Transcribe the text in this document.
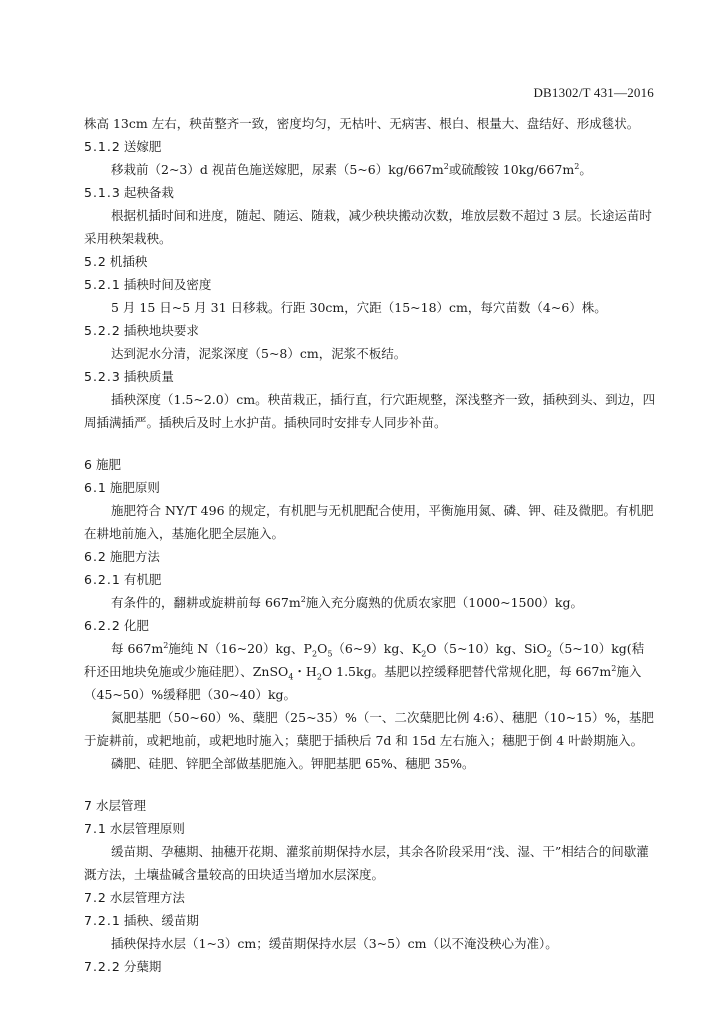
DB1302/T 431—2016

株高 13cm 左右，秧苗整齐一致，密度均匀，无枯叶、无病害、根白、根量大、盘结好、形成毯状。

5.1.2 送嫁肥

移栽前（2~3）d 视苗色施送嫁肥，尿素$(5\sim 6)kg/667m^2$或硫酸铵 $10kg/667m^2$。

5.1.3 起秧备栽

根据机插时间和进度，随起、随运、随栽，减少秧块搬动次数，堆放层数不超过 3 层。长途运苗时采用秧架栽秧。

5.2 机插秧
5.2.1 插秧时间及密度

5 月 15 日~5 月 31 日移栽。行距 30cm，穴距（15~18）cm，每穴苗数（4~6）株。

5.2.2 插秧地块要求

达到泥水分清，泥浆深度（5~8）cm，泥浆不板结。

5.2.3 插秧质量

插秧深度（1.5~2.0）cm。秧苗栽正，插行直，行穴距规整，深浅整齐一致，插秧到头、到边，四周插满插严。插秧后及时上水护苗。插秧同时安排专人同步补苗。

6 施肥
6.1 施肥原则

施肥符合 NY/T 496 的规定，有机肥与无机肥配合使用，平衡施用氮、磷、钾、硅及微肥。有机肥在耕地前施入，基施化肥全层施入。

6.2 施肥方法
6.2.1 有机肥

有条件的，翻耕或旋耕前每 $667m^2$施入充分腐熟的优质农家肥（1000~1500）kg。

6.2.2 化肥

每 $667m^2$施纯 N（16~20）kg、$P_2O_5(6\sim 9)kg$、$K_2O(5\sim 10)kg$、SiO$_2$（5~10）kg(秸秆还田地块免施或少施硅肥）、ZnSO$_4$・$H_2O$ 1.5kg。基肥以控缓释肥替代常规化肥，每 $667m^2$施入（45~50）%缓释肥（30~40）kg。

氮肥基肥（50~60）%、蘖肥（25~35）%（一、二次蘖肥比例 4:6）、穗肥（10~15）%，基肥于旋耕前，或耙地前，或耙地时施入；蘖肥于插秧后 7d 和 15d 左右施入；穗肥于倒 4 叶龄期施入。

磷肥、硅肥、锌肥全部做基肥施入。钾肥基肥 65%、穗肥 35%。

7 水层管理
7.1 水层管理原则

缓苗期、孕穗期、抽穗开花期、灌浆前期保持水层，其余各阶段采用“浅、湿、干”相结合的间歇灌溉方法，土壤盐碱含量较高的田块适当增加水层深度。

7.2 水层管理方法
7.2.1 插秧、缓苗期

插秧保持水层（1~3）cm；缓苗期保持水层（3~5）cm（以不淹没秧心为准）。

7.2.2 分蘖期
